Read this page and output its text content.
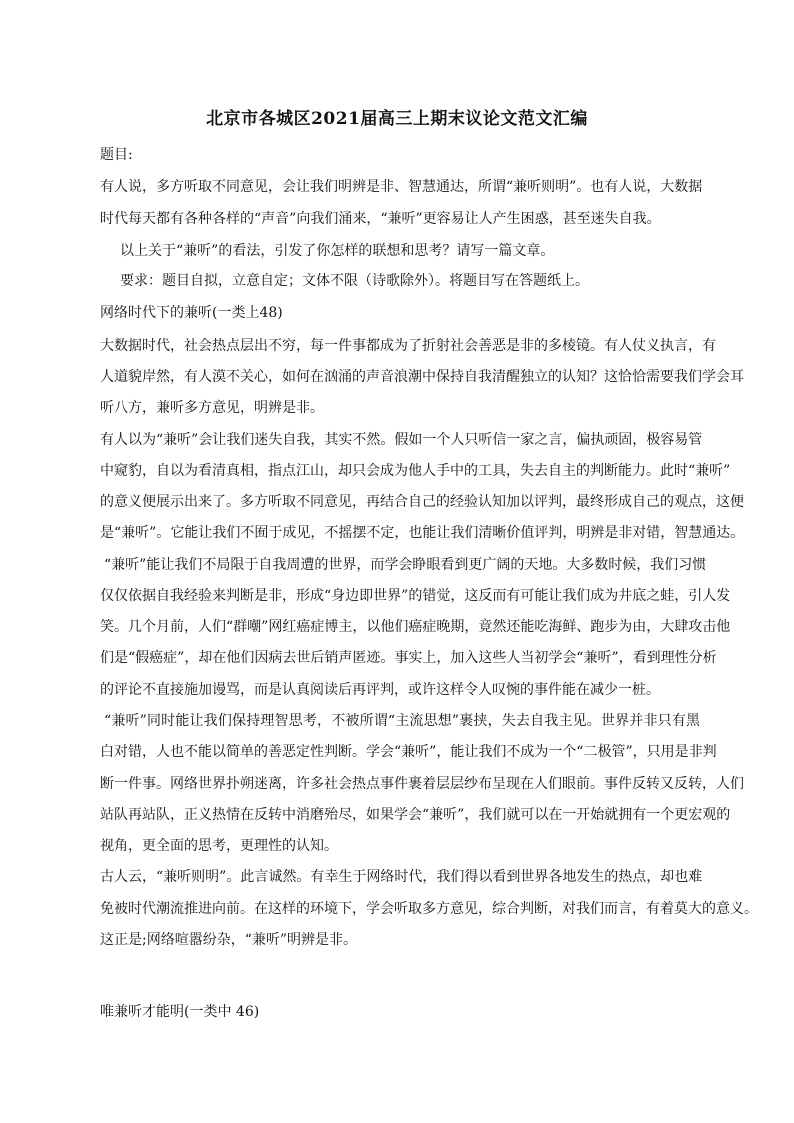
北京市各城区2021届高三上期末议论文范文汇编
题目:
有人说，多方听取不同意见，会让我们明辨是非、智慧通达，所谓“兼听则明”。也有人说，大数据
时代每天都有各种各样的“声音”向我们涌来，“兼听”更容易让人产生困惑，甚至迷失自我。
以上关于“兼听”的看法，引发了你怎样的联想和思考？请写一篇文章。
要求：题目自拟，立意自定；文体不限（诗歌除外）。将题目写在答题纸上。
网络时代下的兼听(一类上48)
大数据时代，社会热点层出不穷，每一件事都成为了折射社会善恶是非的多棱镜。有人仗义执言，有
人道貌岸然，有人漠不关心，如何在汹涌的声音浪潮中保持自我清醒独立的认知？这恰恰需要我们学会耳
听八方，兼听多方意见，明辨是非。
有人以为“兼听”会让我们迷失自我，其实不然。假如一个人只听信一家之言，偏执顽固，极容易管
中窥豹，自以为看清真相，指点江山，却只会成为他人手中的工具，失去自主的判断能力。此时“兼听”
的意义便展示出来了。多方听取不同意见，再结合自己的经验认知加以评判，最终形成自己的观点，这便
是“兼听”。它能让我们不囿于成见，不摇摆不定，也能让我们清晰价值评判，明辨是非对错，智慧通达。
“兼听”能让我们不局限于自我周遭的世界，而学会睁眼看到更广阔的天地。大多数时候，我们习惯
仅仅依据自我经验来判断是非，形成“身边即世界”的错觉，这反而有可能让我们成为井底之蛙，引人发
笑。几个月前，人们“群嘲”网红癌症博主，以他们癌症晚期，竟然还能吃海鲜、跑步为由，大肆攻击他
们是“假癌症”，却在他们因病去世后销声匿迹。事实上，加入这些人当初学会“兼听”，看到理性分析
的评论不直接施加谩骂，而是认真阅读后再评判，或许这样令人叹惋的事件能在减少一桩。
“兼听”同时能让我们保持理智思考，不被所谓“主流思想”裹挟，失去自我主见。世界并非只有黑
白对错，人也不能以简单的善恶定性判断。学会“兼听”，能让我们不成为一个“二极管”，只用是非判
断一件事。网络世界扑朔迷离，许多社会热点事件裹着层层纱布呈现在人们眼前。事件反转又反转，人们
站队再站队，正义热情在反转中消磨殆尽，如果学会“兼听”，我们就可以在一开始就拥有一个更宏观的
视角，更全面的思考，更理性的认知。
古人云，“兼听则明”。此言诚然。有幸生于网络时代，我们得以看到世界各地发生的热点，却也难
免被时代潮流推进向前。在这样的环境下，学会听取多方意见，综合判断，对我们而言，有着莫大的意义。
这正是;网络喧嚣纷杂，“兼听”明辨是非。
唯兼听才能明(一类中 46)
